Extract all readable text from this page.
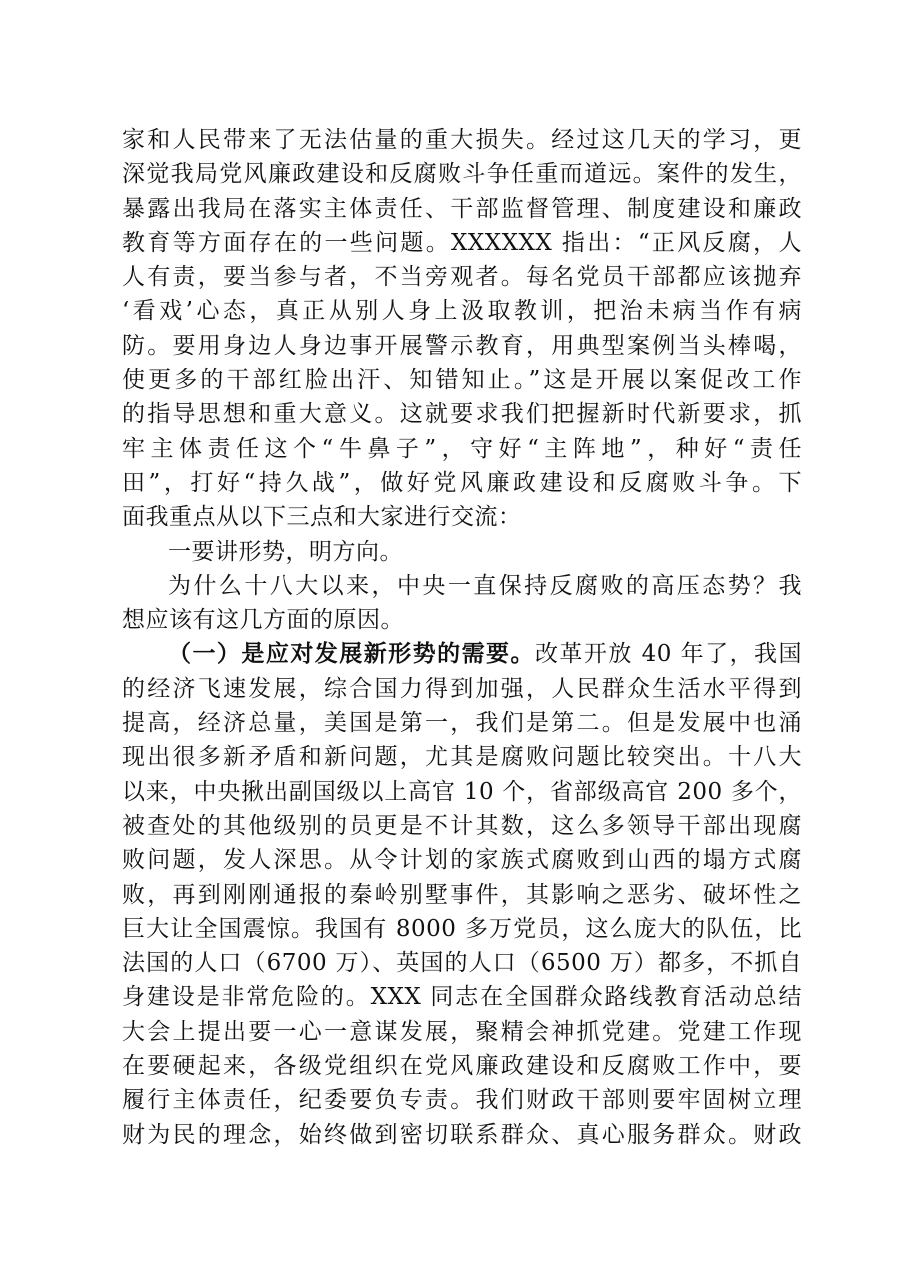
家和人民带来了无法估量的重大损失。经过这几天的学习，更
深觉我局党风廉政建设和反腐败斗争任重而道远。案件的发生，
暴露出我局在落实主体责任、干部监督管理、制度建设和廉政
教育等方面存在的一些问题。XXXXXX 指出：“正风反腐，人
人有责，要当参与者，不当旁观者。每名党员干部都应该抛弃
‘看戏’心态，真正从别人身上汲取教训，把治未病当作有病
防。要用身边人身边事开展警示教育，用典型案例当头棒喝，
使更多的干部红脸出汗、知错知止。”这是开展以案促改工作
的指导思想和重大意义。这就要求我们把握新时代新要求，抓
牢主体责任这个“牛鼻子”，守好“主阵地”，种好“责任
田”，打好“持久战”，做好党风廉政建设和反腐败斗争。下
面我重点从以下三点和大家进行交流：
一要讲形势，明方向。
为什么十八大以来，中央一直保持反腐败的高压态势？我
想应该有这几方面的原因。
（一）是应对发展新形势的需要。改革开放 40 年了，我国
的经济飞速发展，综合国力得到加强，人民群众生活水平得到
提高，经济总量，美国是第一，我们是第二。但是发展中也涌
现出很多新矛盾和新问题，尤其是腐败问题比较突出。十八大
以来，中央揪出副国级以上高官 10 个，省部级高官 200 多个，
被查处的其他级别的员更是不计其数，这么多领导干部出现腐
败问题，发人深思。从令计划的家族式腐败到山西的塌方式腐
败，再到刚刚通报的秦岭别墅事件，其影响之恶劣、破坏性之
巨大让全国震惊。我国有 8000 多万党员，这么庞大的队伍，比
法国的人口（6700 万）、英国的人口（6500 万）都多，不抓自
身建设是非常危险的。XXX 同志在全国群众路线教育活动总结
大会上提出要一心一意谋发展，聚精会神抓党建。党建工作现
在要硬起来，各级党组织在党风廉政建设和反腐败工作中，要
履行主体责任，纪委要负专责。我们财政干部则要牢固树立理
财为民的理念，始终做到密切联系群众、真心服务群众。财政
